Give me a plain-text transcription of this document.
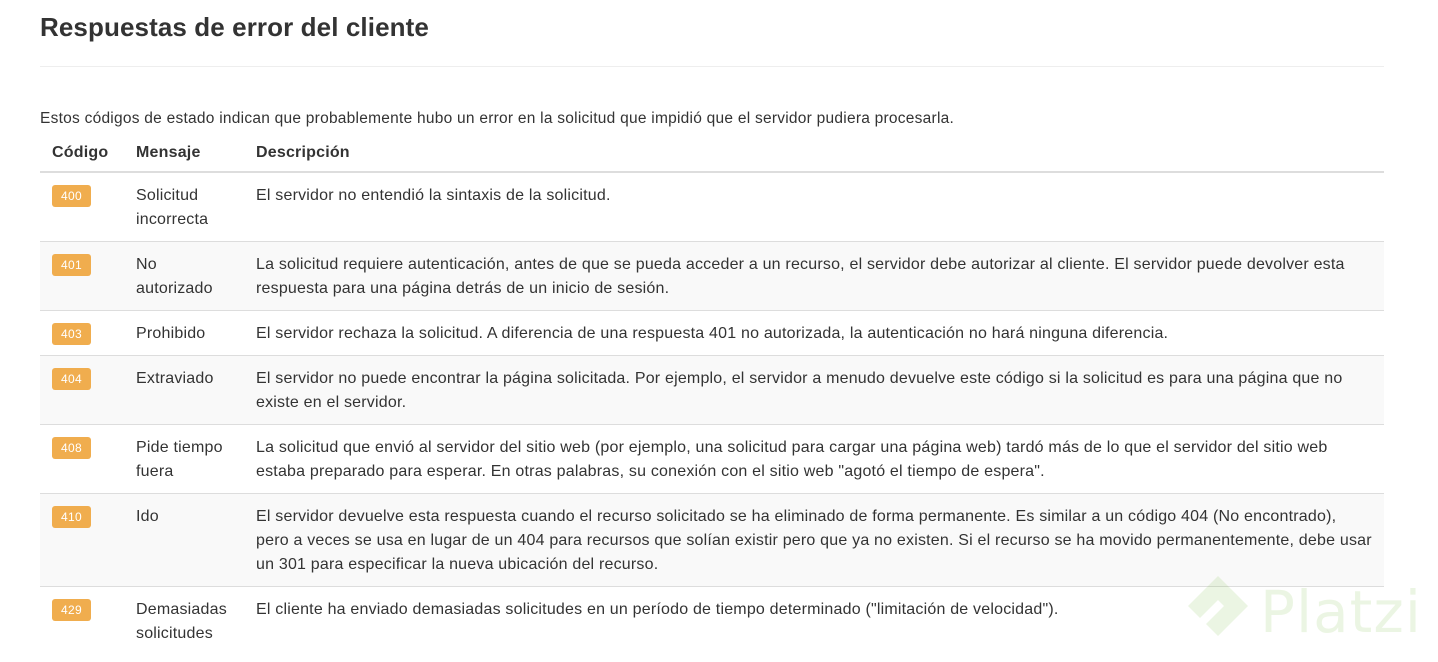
Respuestas de error del cliente

Estos códigos de estado indican que probablemente hubo un error en la solicitud que impidió que el servidor pudiera procesarla.

Código	Mensaje	Descripción
400	Solicitud incorrecta	El servidor no entendió la sintaxis de la solicitud.
401	No autorizado	La solicitud requiere autenticación, antes de que se pueda acceder a un recurso, el servidor debe autorizar al cliente. El servidor puede devolver esta respuesta para una página detrás de un inicio de sesión.
403	Prohibido	El servidor rechaza la solicitud. A diferencia de una respuesta 401 no autorizada, la autenticación no hará ninguna diferencia.
404	Extraviado	El servidor no puede encontrar la página solicitada. Por ejemplo, el servidor a menudo devuelve este código si la solicitud es para una página que no existe en el servidor.
408	Pide tiempo fuera	La solicitud que envió al servidor del sitio web (por ejemplo, una solicitud para cargar una página web) tardó más de lo que el servidor del sitio web estaba preparado para esperar. En otras palabras, su conexión con el sitio web "agotó el tiempo de espera".
410	Ido	El servidor devuelve esta respuesta cuando el recurso solicitado se ha eliminado de forma permanente. Es similar a un código 404 (No encontrado), pero a veces se usa en lugar de un 404 para recursos que solían existir pero que ya no existen. Si el recurso se ha movido permanentemente, debe usar un 301 para especificar la nueva ubicación del recurso.
429	Demasiadas solicitudes	El cliente ha enviado demasiadas solicitudes en un período de tiempo determinado ("limitación de velocidad").	Platzi
